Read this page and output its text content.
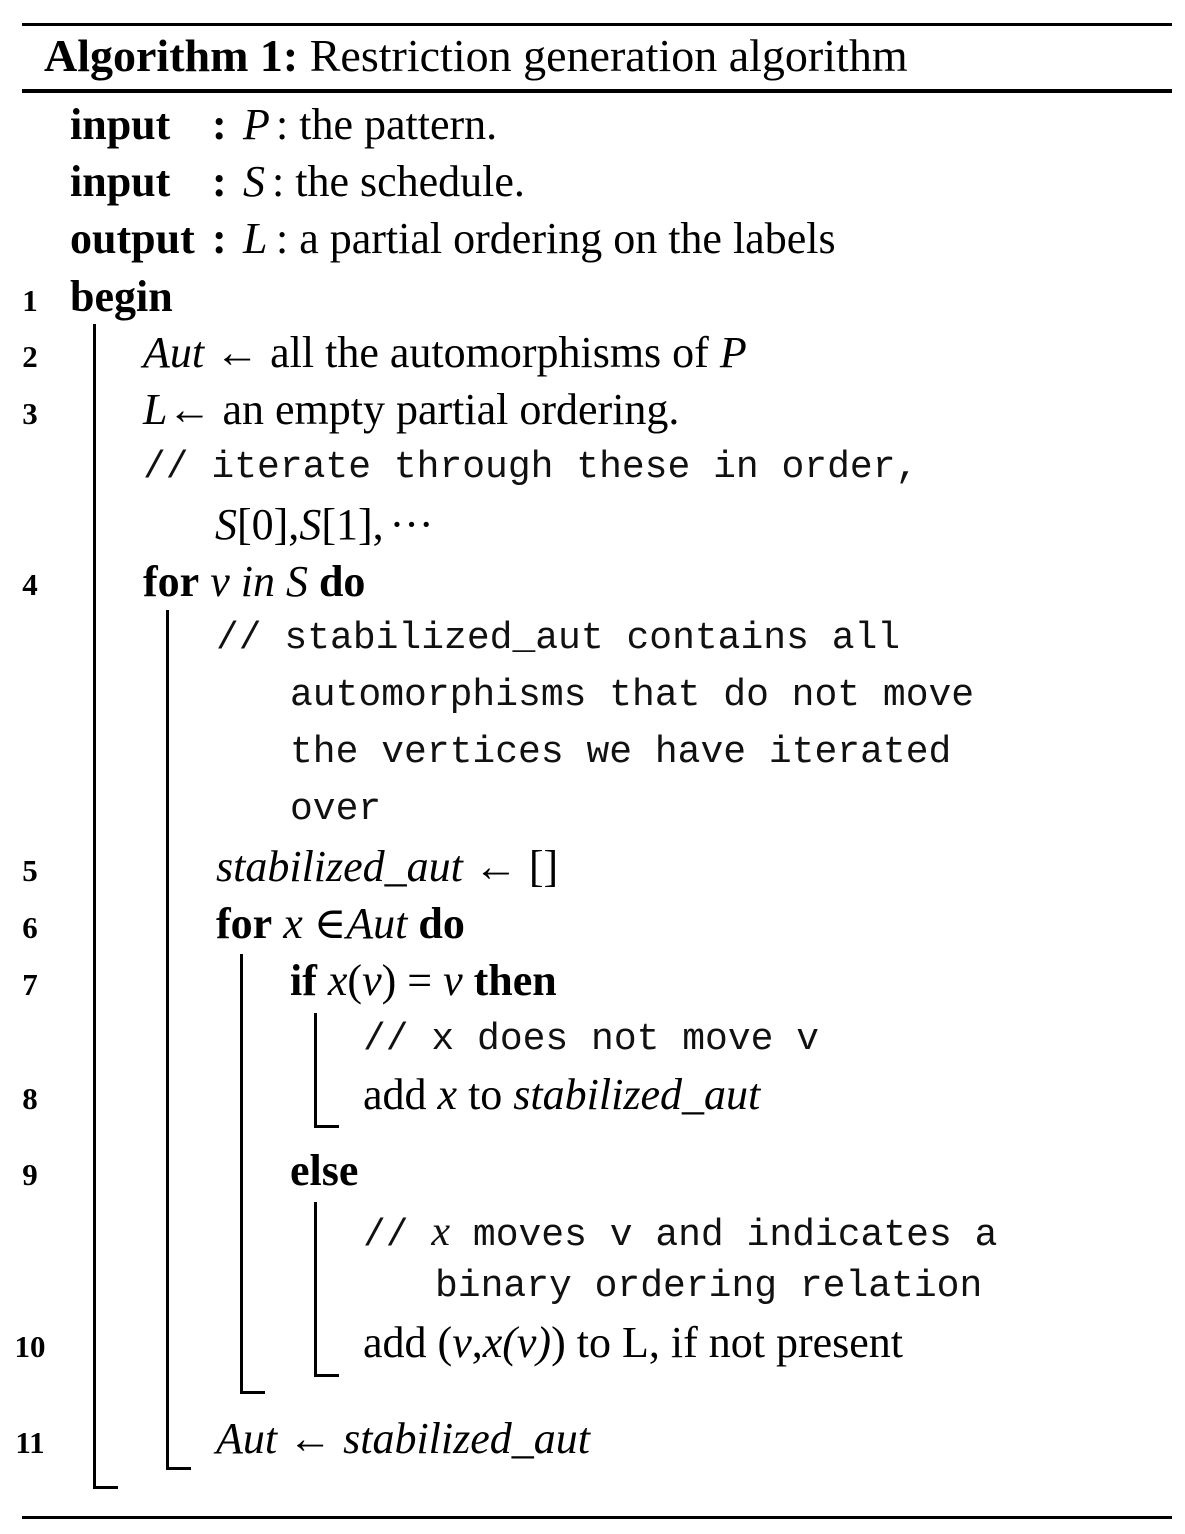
Algorithm 1: Restriction generation algorithm
input : P : the pattern.
input : S : the schedule.
output : L : a partial ordering on the labels
1
2
3
4
5
6
7
8
9
10
11
begin
Aut ← all the automorphisms of P
L← an empty partial ordering.
// iterate through these in order,
S[0],S[1], ···
for v in S do
// stabilized_aut contains all
automorphisms that do not move
the vertices we have iterated
over
stabilized_aut ← []
for x ∈Aut do
if x(v) = v then
// x does not move v
add x to stabilized_aut
else
// x moves v and indicates a
binary ordering relation
add (v,x(v)) to L, if not present
Aut ← stabilized_aut
